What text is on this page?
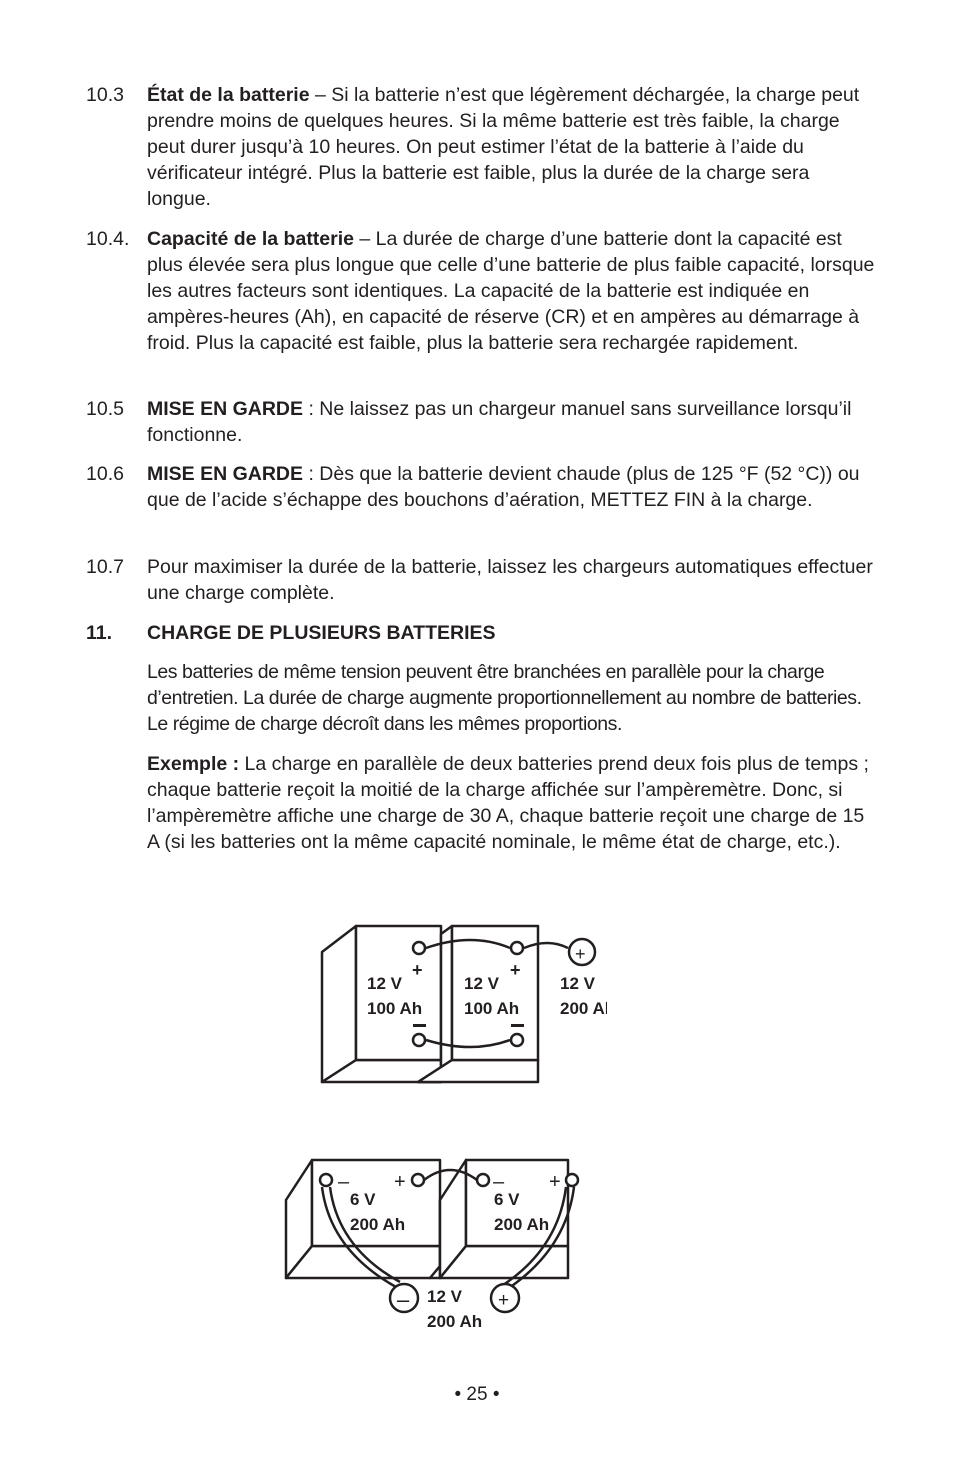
10.3 État de la batterie – Si la batterie n’est que légèrement déchargée, la charge peut prendre moins de quelques heures. Si la même batterie est très faible, la charge peut durer jusqu’à 10 heures. On peut estimer l’état de la batterie à l’aide du vérificateur intégré. Plus la batterie est faible, plus la durée de la charge sera longue.
10.4. Capacité de la batterie – La durée de charge d’une batterie dont la capacité est plus élevée sera plus longue que celle d’une batterie de plus faible capacité, lorsque les autres facteurs sont identiques. La capacité de la batterie est indiquée en ampères-heures (Ah), en capacité de réserve (CR) et en ampères au démarrage à froid. Plus la capacité est faible, plus la batterie sera rechargée rapidement.
10.5 MISE EN GARDE : Ne laissez pas un chargeur manuel sans surveillance lorsqu’il fonctionne.
10.6 MISE EN GARDE : Dès que la batterie devient chaude (plus de 125 °F (52 °C)) ou que de l’acide s’échappe des bouchons d’aération, METTEZ FIN à la charge.
10.7 Pour maximiser la durée de la batterie, laissez les chargeurs automatiques effectuer une charge complète.
11. CHARGE DE PLUSIEURS BATTERIES
Les batteries de même tension peuvent être branchées en parallèle pour la charge d’entretien. La durée de charge augmente proportionnellement au nombre de batteries. Le régime de charge décroît dans les mêmes proportions.
Exemple : La charge en parallèle de deux batteries prend deux fois plus de temps ; chaque batterie reçoit la moitié de la charge affichée sur l’ampèremètre. Donc, si l’ampèremètre affiche une charge de 30 A, chaque batterie reçoit une charge de 15 A (si les batteries ont la même capacité nominale, le même état de charge, etc.).
+
+	+
12 V
100 Ah
12 V
100 Ah
12 V
200 Ah
– +	– +
–	+
6 V
200 Ah
6 V
200 Ah
12 V
200 Ah
• 25 •
